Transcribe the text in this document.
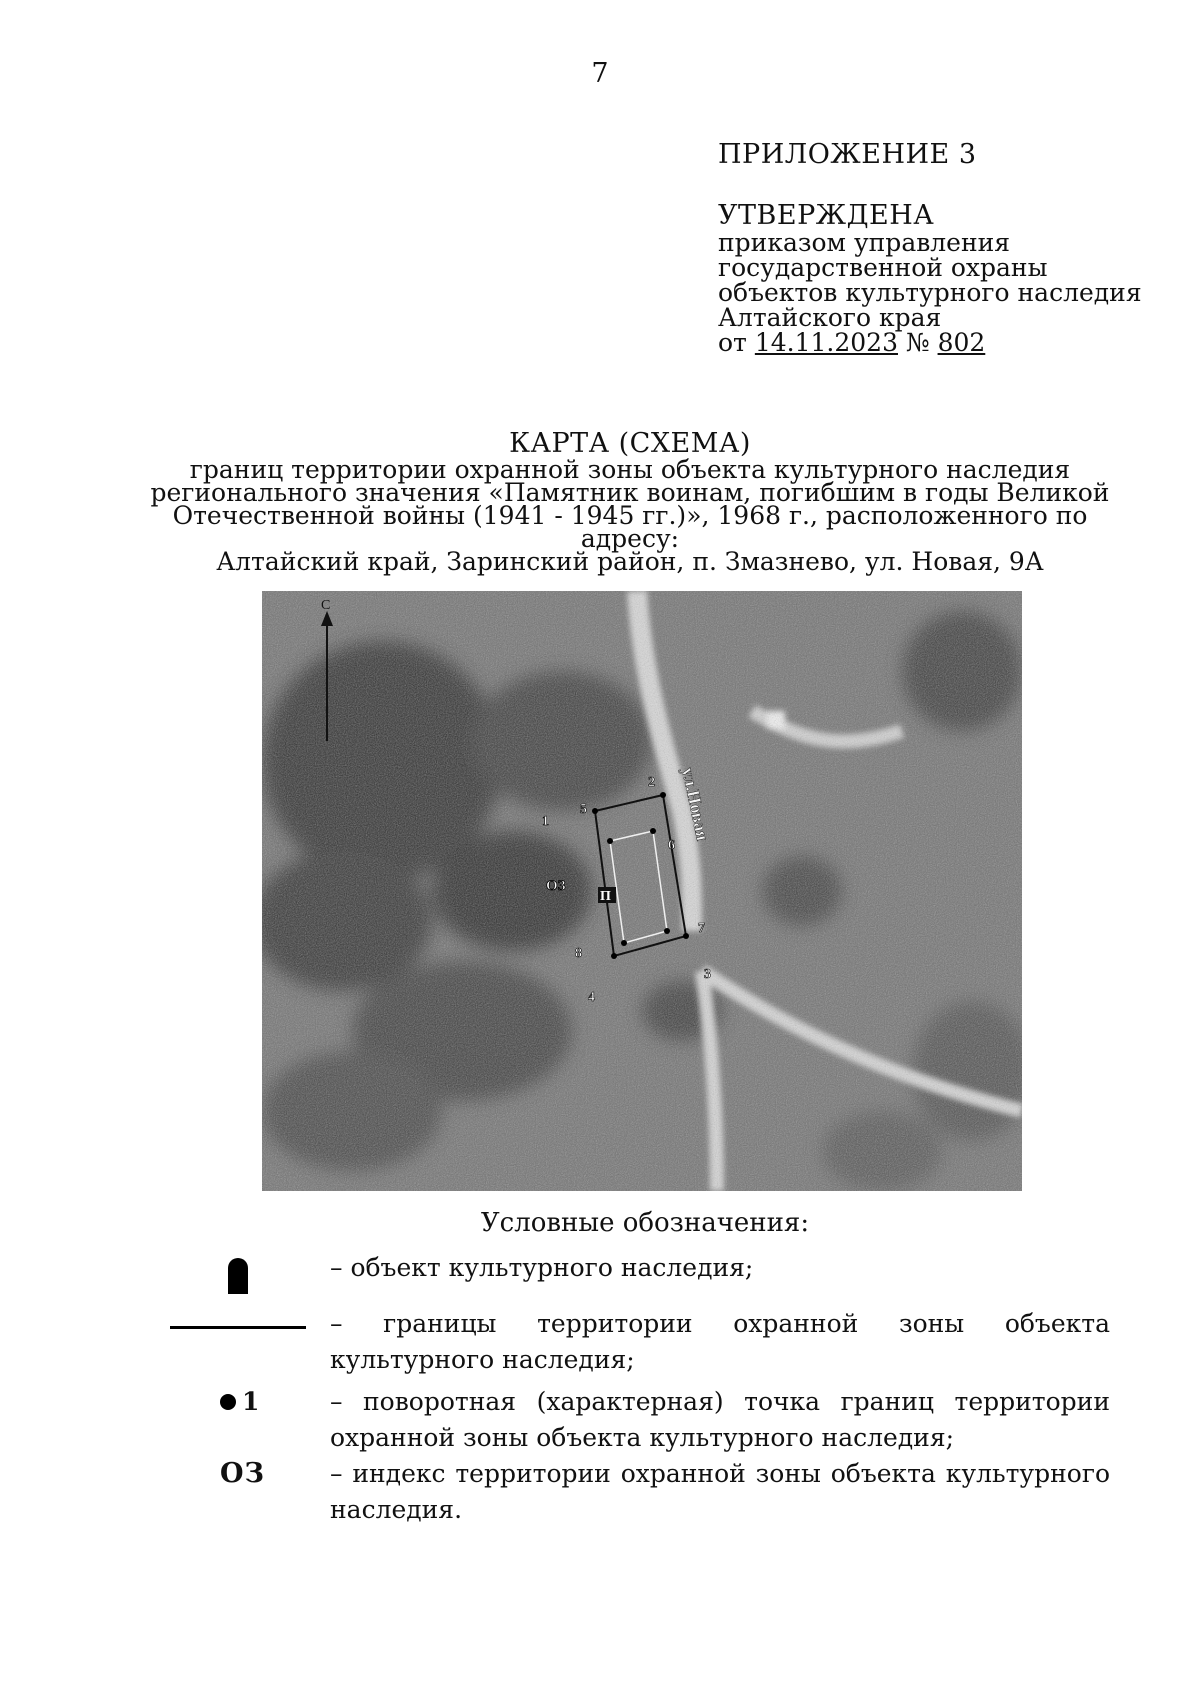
7
ПРИЛОЖЕНИЕ 3
УТВЕРЖДЕНА
приказом управления
государственной охраны
объектов культурного наследия
Алтайского края
от 14.11.2023 № 802
КАРТА (СХЕМА)
границ территории охранной зоны объекта культурного наследия
регионального значения «Памятник воинам, погибшим в годы Великой
Отечественной войны (1941 - 1945 гг.)», 1968 г., расположенного по адресу:
Алтайский край, Заринский район, п. Змазнево, ул. Новая, 9А
С
П
ОЗ
ул.Новая
1
2
3
4
5
6
7
8
Условные обозначения:
– объект культурного наследия;
– границы территории охранной зоны объекта культурного наследия;
1	– поворотная (характерная) точка границ территории охранной зоны объекта культурного наследия;
ОЗ	– индекс территории охранной зоны объекта культурного наследия.
